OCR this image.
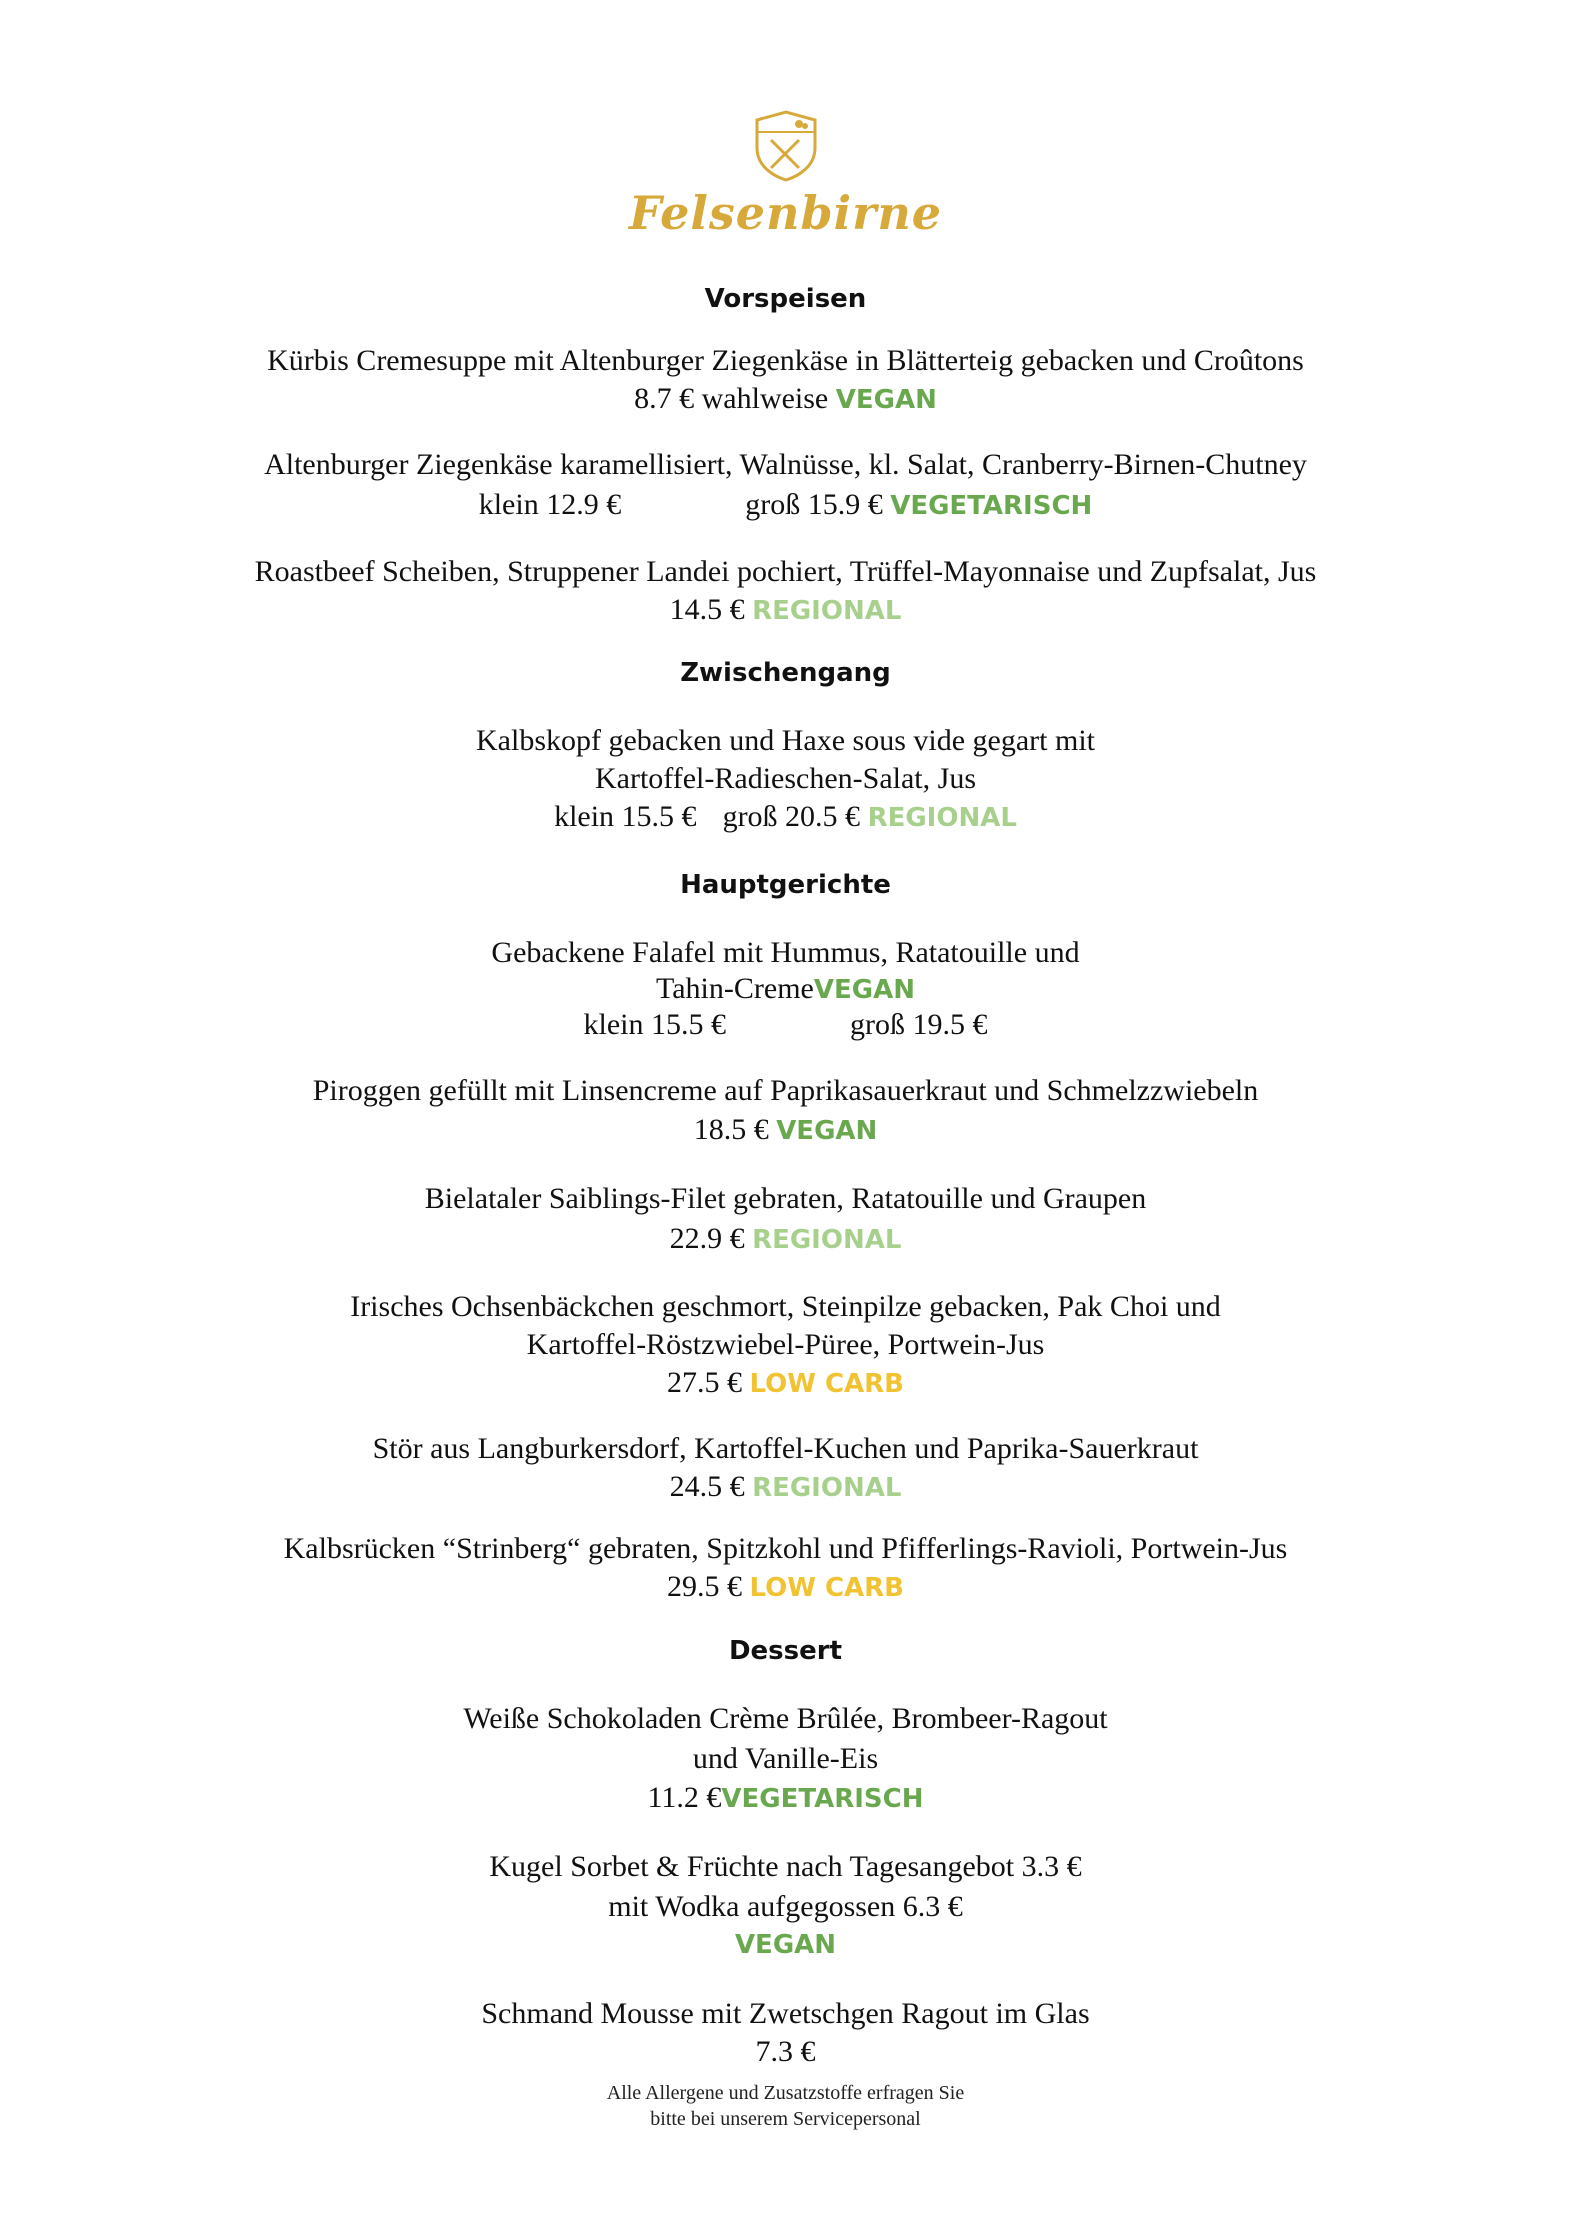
Felsenbirne
Vorspeisen
Kürbis Cremesuppe mit Altenburger Ziegenkäse in Blätterteig gebacken und Croûtons
8.7 € wahlweise VEGAN
Altenburger Ziegenkäse karamellisiert, Walnüsse, kl. Salat, Cranberry-Birnen-Chutney
klein 12.9 €	groß 15.9 € VEGETARISCH
Roastbeef Scheiben, Struppener Landei pochiert, Trüffel-Mayonnaise und Zupfsalat, Jus
14.5 € REGIONAL
Zwischengang
Kalbskopf gebacken und Haxe sous vide gegart mit
Kartoffel-Radieschen-Salat, Jus
klein 15.5 € groß 20.5 € REGIONAL
Hauptgerichte
Gebackene Falafel mit Hummus, Ratatouille und
Tahin-CremeVEGAN
klein 15.5 €	groß 19.5 €
Piroggen gefüllt mit Linsencreme auf Paprikasauerkraut und Schmelzzwiebeln
18.5 € VEGAN
Bielataler Saiblings-Filet gebraten, Ratatouille und Graupen
22.9 € REGIONAL
Irisches Ochsenbäckchen geschmort, Steinpilze gebacken, Pak Choi und
Kartoffel-Röstzwiebel-Püree, Portwein-Jus
27.5 € LOW CARB
Stör aus Langburkersdorf, Kartoffel-Kuchen und Paprika-Sauerkraut
24.5 € REGIONAL
Kalbsrücken “Strinberg“ gebraten, Spitzkohl und Pfifferlings-Ravioli, Portwein-Jus
29.5 € LOW CARB
Dessert
Weiße Schokoladen Crème Brûlée, Brombeer-Ragout
und Vanille-Eis
11.2 €VEGETARISCH
Kugel Sorbet & Früchte nach Tagesangebot 3.3 €
mit Wodka aufgegossen 6.3 €
VEGAN
Schmand Mousse mit Zwetschgen Ragout im Glas
7.3 €
Alle Allergene und Zusatzstoffe erfragen Sie
bitte bei unserem Servicepersonal
